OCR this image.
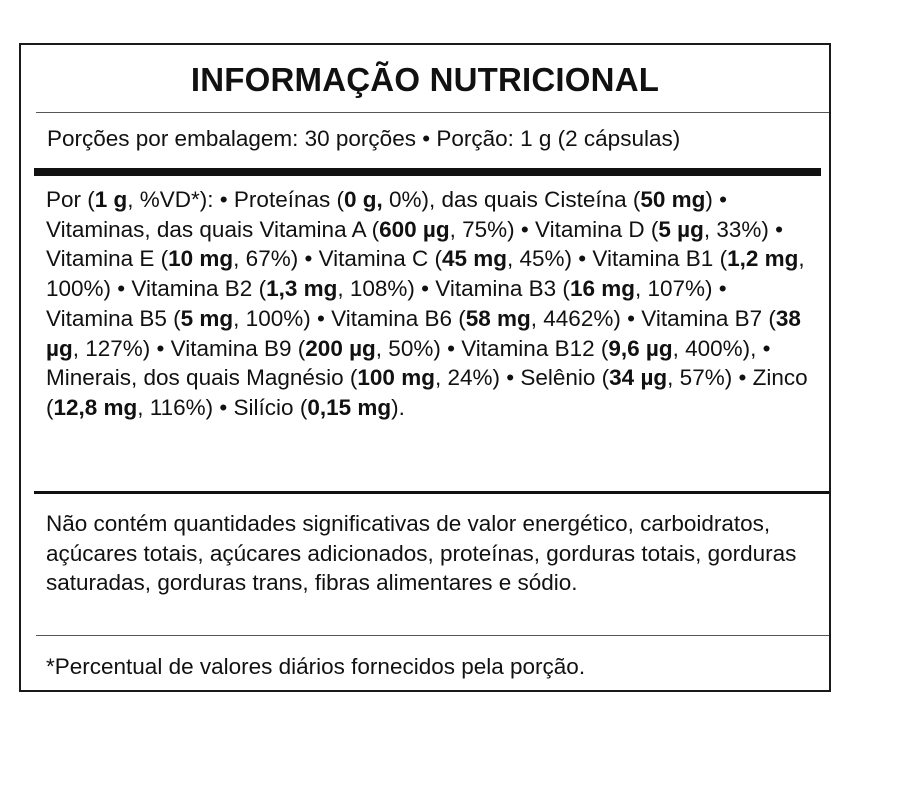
INFORMAÇÃO NUTRICIONAL
Porções por embalagem: 30 porções • Porção: 1 g (2 cápsulas)
Por (1 g, %VD*): • Proteínas (0 g, 0%), das quais Cisteína (50 mg) • Vitaminas, das quais Vitamina A (600 µg, 75%) • Vitamina D (5 µg, 33%) • Vitamina E (10 mg, 67%) • Vitamina C (45 mg, 45%) • Vitamina B1 (1,2 mg, 100%) • Vitamina B2 (1,3 mg, 108%) • Vitamina B3 (16 mg, 107%) • Vitamina B5 (5 mg, 100%) • Vitamina B6 (58 mg, 4462%) • Vitamina B7 (38 µg, 127%) • Vitamina B9 (200 µg, 50%) • Vitamina B12 (9,6 µg, 400%), • Minerais, dos quais Magnésio (100 mg, 24%) • Selênio (34 µg, 57%) • Zinco (12,8 mg, 116%) • Silício (0,15 mg).
Não contém quantidades significativas de valor energético, carboidratos, açúcares totais, açúcares adicionados, proteínas, gorduras totais, gorduras saturadas, gorduras trans, fibras alimentares e sódio.
*Percentual de valores diários fornecidos pela porção.
